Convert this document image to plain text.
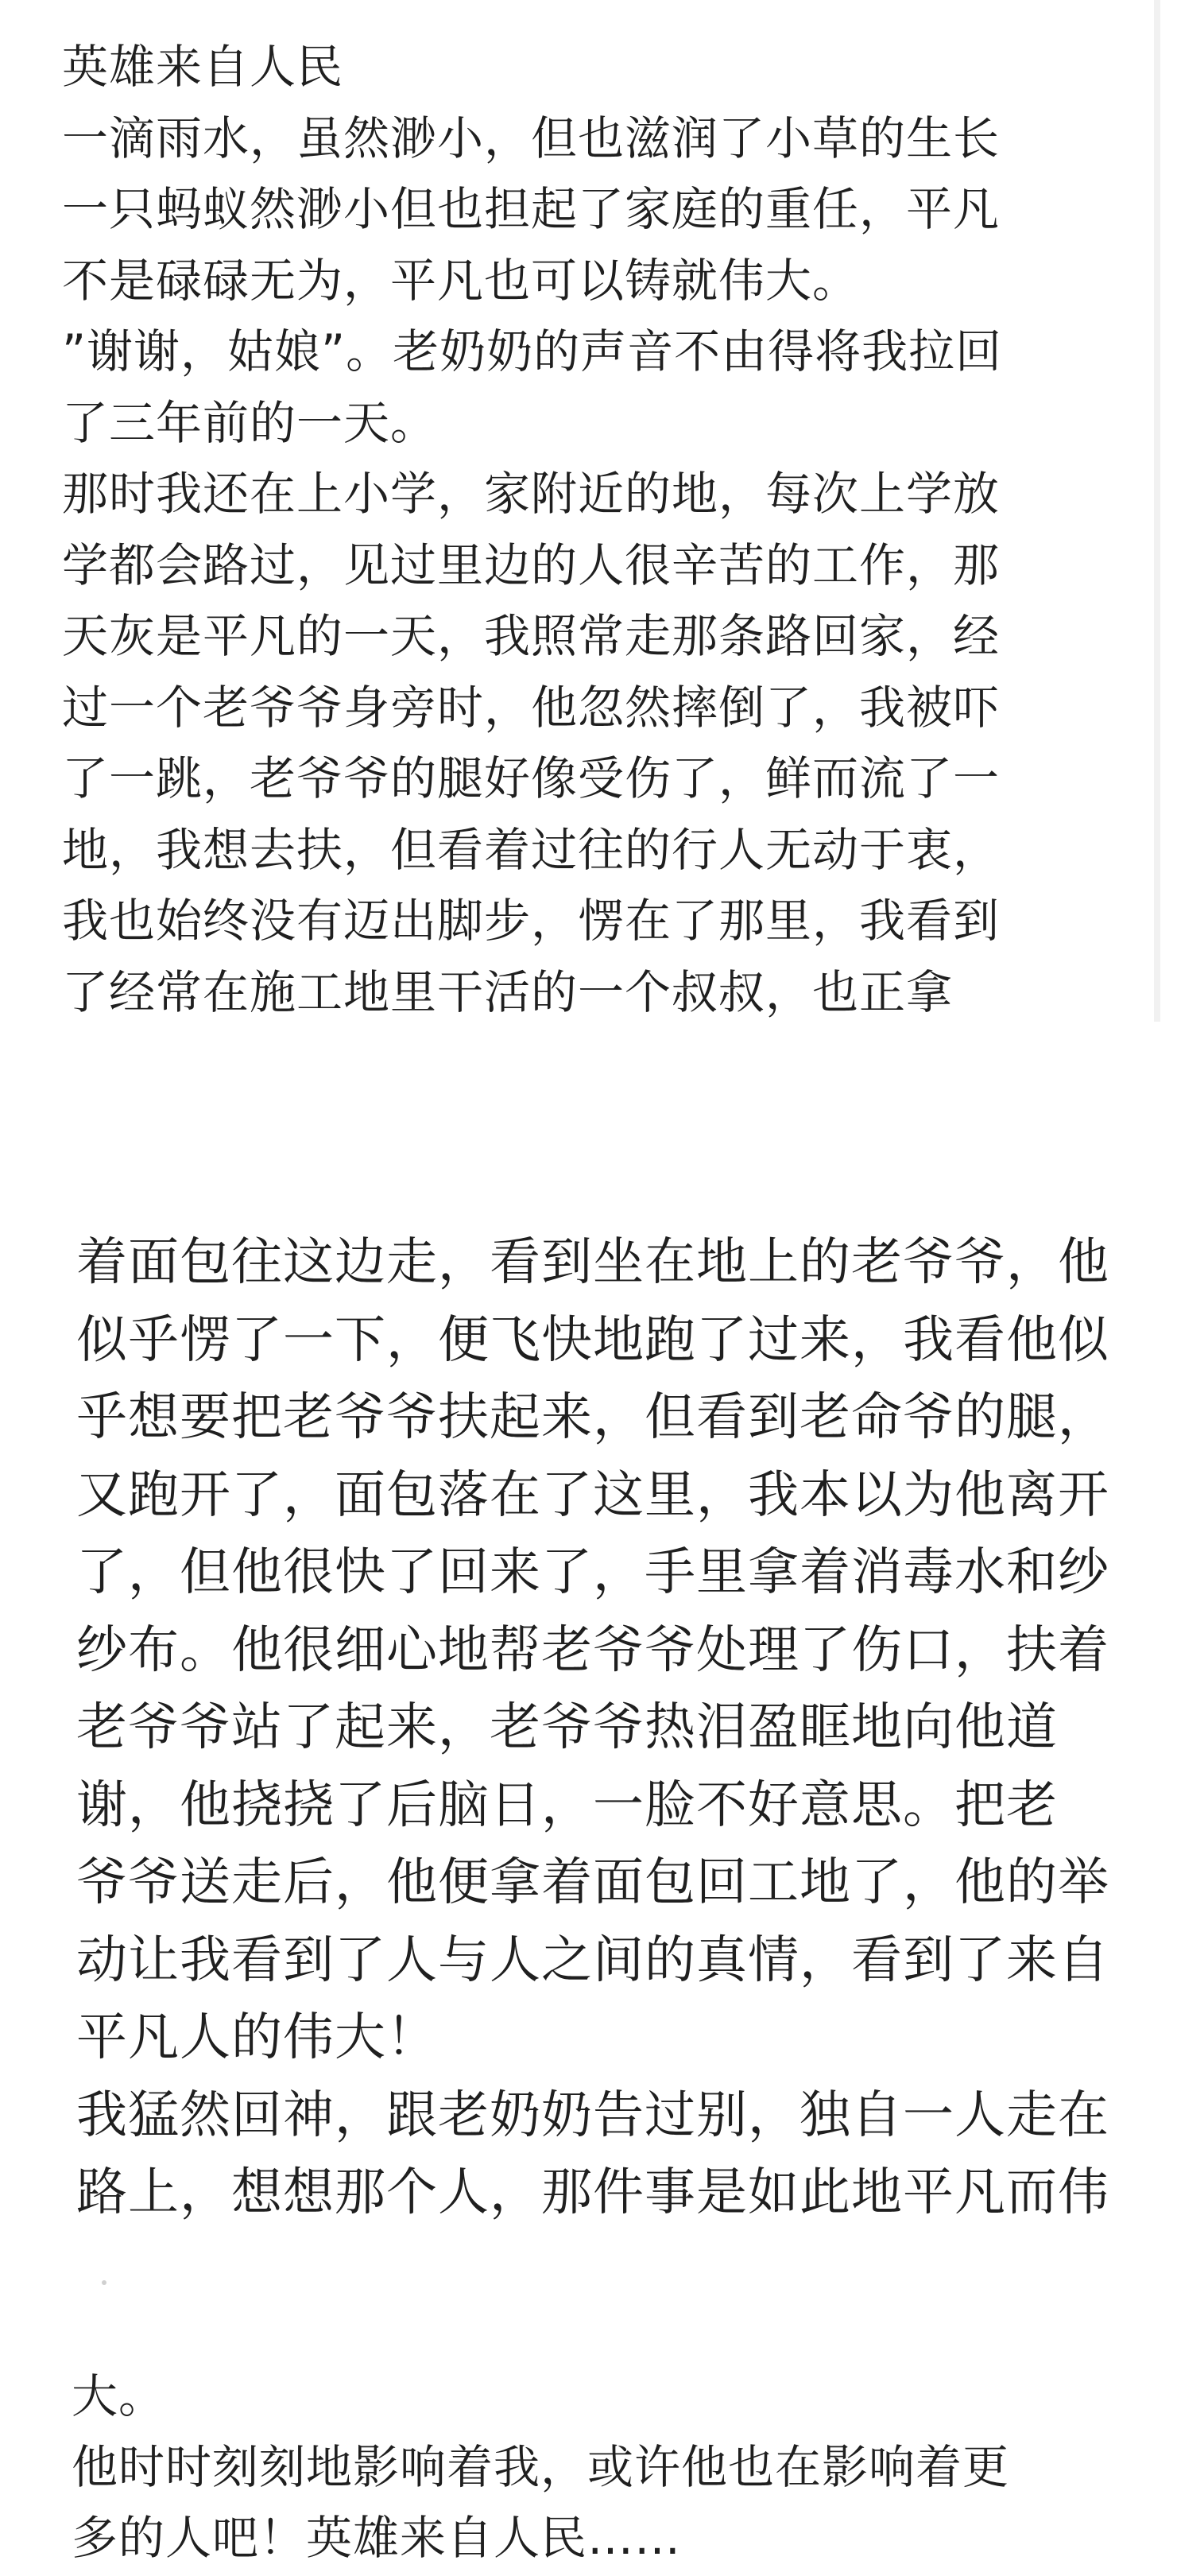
英雄来自人民
一滴雨水，虽然渺小，但也滋润了小草的生长
一只蚂蚁然渺小但也担起了家庭的重任，平凡
不是碌碌无为，平凡也可以铸就伟大。
”谢谢，姑娘”。老奶奶的声音不由得将我拉回
了三年前的一天。
那时我还在上小学，家附近的地，每次上学放
学都会路过，见过里边的人很辛苦的工作，那
天灰是平凡的一天，我照常走那条路回家，经
过一个老爷爷身旁时，他忽然摔倒了，我被吓
了一跳，老爷爷的腿好像受伤了，鲜而流了一
地，我想去扶，但看着过往的行人无动于衷，
我也始终没有迈出脚步，愣在了那里，我看到
了经常在施工地里干活的一个叔叔，也正拿
着面包往这边走，看到坐在地上的老爷爷，他
似乎愣了一下，便飞快地跑了过来，我看他似
乎想要把老爷爷扶起来，但看到老命爷的腿，
又跑开了，面包落在了这里，我本以为他离开
了，但他很快了回来了，手里拿着消毒水和纱
纱布。他很细心地帮老爷爷处理了伤口，扶着
老爷爷站了起来，老爷爷热泪盈眶地向他道
谢，他挠挠了后脑日，一脸不好意思。把老
爷爷送走后，他便拿着面包回工地了，他的举
动让我看到了人与人之间的真情，看到了来自
平凡人的伟大！
我猛然回神，跟老奶奶告过别，独自一人走在
路上，想想那个人，那件事是如此地平凡而伟
大。
他时时刻刻地影响着我，或许他也在影响着更
多的人吧！英雄来自人民……
